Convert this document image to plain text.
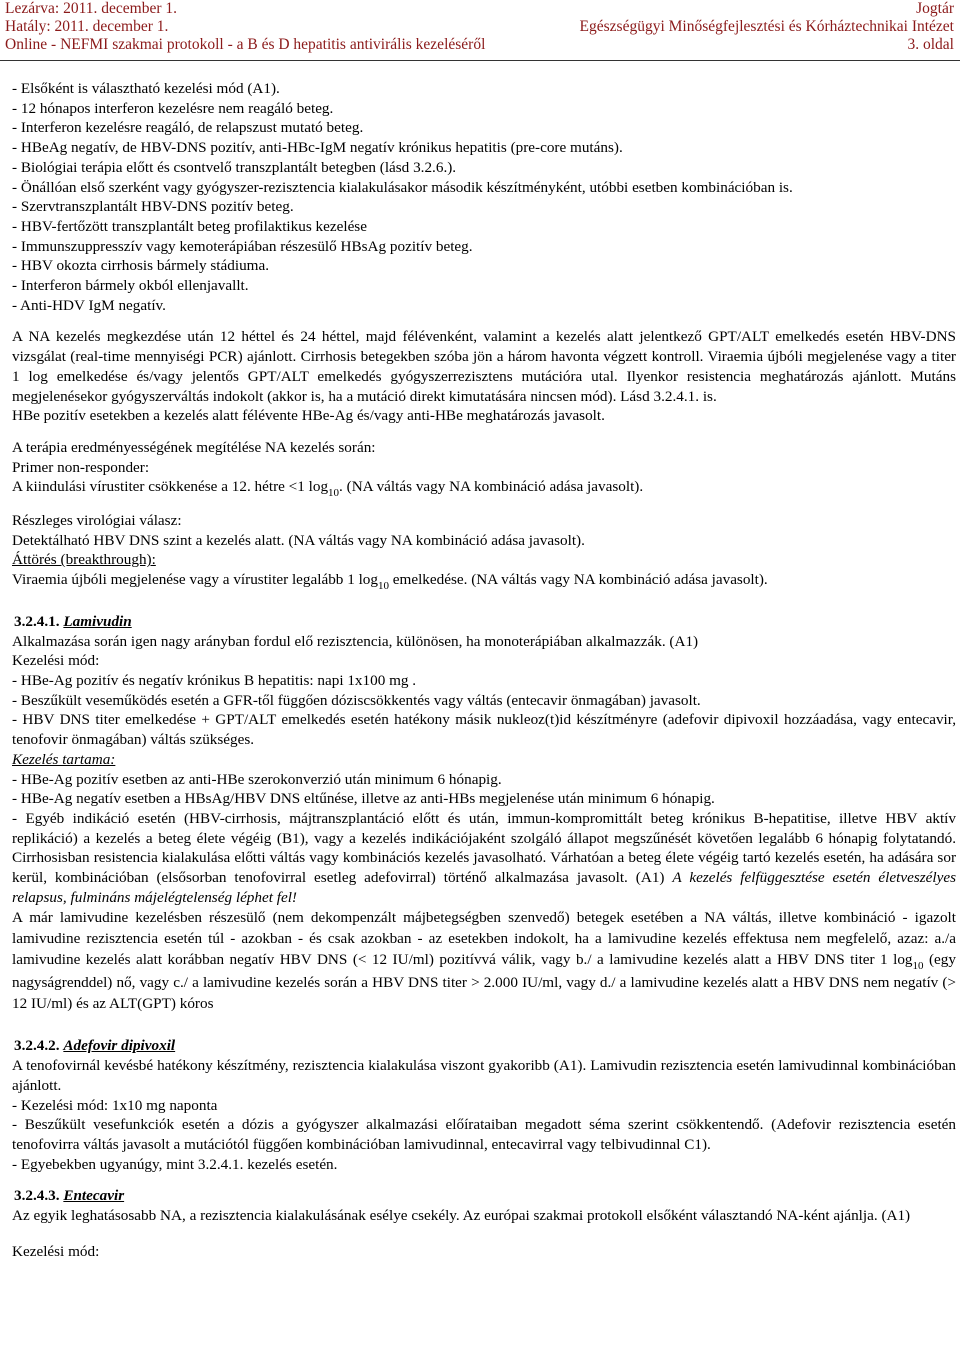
Lezárva: 2011. december 1.	Jogtár
Hatály: 2011. december 1.	Egészségügyi Minőségfejlesztési és Kórháztechnikai Intézet
Online - NEFMI szakmai protokoll - a B és D hepatitis antivirális kezeléséről	3. oldal

- Elsőként is választható kezelési mód (A1).

- 12 hónapos interferon kezelésre nem reagáló beteg.

- Interferon kezelésre reagáló, de relapszust mutató beteg.

- HBeAg negatív, de HBV-DNS pozitív, anti-HBc-IgM negatív krónikus hepatitis (pre-core mutáns).

- Biológiai terápia előtt és csontvelő transzplantált betegben (lásd 3.2.6.).

- Önállóan első szerként vagy gyógyszer-rezisztencia kialakulásakor második készítményként, utóbbi esetben kombinációban is.

- Szervtranszplantált HBV-DNS pozitív beteg.

- HBV-fertőzött transzplantált beteg profilaktikus kezelése

- Immunszuppresszív vagy kemoterápiában részesülő HBsAg pozitív beteg.

- HBV okozta cirrhosis bármely stádiuma.

- Interferon bármely okból ellenjavallt.

- Anti-HDV IgM negatív.

A NA kezelés megkezdése után 12 héttel és 24 héttel, majd félévenként, valamint a kezelés alatt jelentkező GPT/ALT emelkedés esetén HBV-DNS vizsgálat (real-time mennyiségi PCR) ajánlott. Cirrhosis betegekben szóba jön a három havonta végzett kontroll. Viraemia újbóli megjelenése vagy a titer 1 log emelkedése és/vagy jelentős GPT/ALT emelkedés gyógyszerrezisztens mutációra utal. Ilyenkor resistencia meghatározás ajánlott. Mutáns megjelenésekor gyógyszerváltás indokolt (akkor is, ha a mutáció direkt kimutatására nincsen mód). Lásd 3.2.4.1. is.

HBe pozitív esetekben a kezelés alatt félévente HBe-Ag és/vagy anti-HBe meghatározás javasolt.

A terápia eredményességének megítélése NA kezelés során:

Primer non-responder:

A kiindulási vírustiter csökkenése a 12. hétre <1 $\log_{10}$. (NA váltás vagy NA kombináció adása javasolt).

Részleges virológiai válasz:

Detektálható HBV DNS szint a kezelés alatt. (NA váltás vagy NA kombináció adása javasolt).

Áttörés (breakthrough):

Viraemia újbóli megjelenése vagy a vírustiter legalább 1 $\log_{10}$ emelkedése. (NA váltás vagy NA kombináció adása javasolt).

3.2.4.1. Lamivudin

Alkalmazása során igen nagy arányban fordul elő rezisztencia, különösen, ha monoterápiában alkalmazzák. (A1)

Kezelési mód:

- HBe-Ag pozitív és negatív krónikus B hepatitis: napi 1x100 mg .

- Beszűkült veseműködés esetén a GFR-től függően dóziscsökkentés vagy váltás (entecavir önmagában) javasolt.

- HBV DNS titer emelkedése + GPT/ALT emelkedés esetén hatékony másik nukleoz(t)id készítményre (adefovir dipivoxil hozzáadása, vagy entecavir, tenofovir önmagában) váltás szükséges.

Kezelés tartama:

- HBe-Ag pozitív esetben az anti-HBe szerokonverzió után minimum 6 hónapig.

- HBe-Ag negatív esetben a HBsAg/HBV DNS eltűnése, illetve az anti-HBs megjelenése után minimum 6 hónapig.

- Egyéb indikáció esetén (HBV-cirrhosis, májtranszplantáció előtt és után, immun-kompromittált beteg krónikus B-hepatitise, illetve HBV aktív replikáció) a kezelés a beteg élete végéig (B1), vagy a kezelés indikációjaként szolgáló állapot megszűnését követően legalább 6 hónapig folytatandó. Cirrhosisban resistencia kialakulása előtti váltás vagy kombinációs kezelés javasolható. Várhatóan a beteg élete végéig tartó kezelés esetén, ha adására sor kerül, kombinációban (elsősorban tenofovirral esetleg adefovirral) történő alkalmazása javasolt. (A1) A kezelés felfüggesztése esetén életveszélyes relapsus, fulmináns májelégtelenség léphet fel!

A már lamivudine kezelésben részesülő (nem dekompenzált májbetegségben szenvedő) betegek esetében a NA váltás, illetve kombináció - igazolt lamivudine rezisztencia esetén túl - azokban - és csak azokban - az esetekben indokolt, ha a lamivudine kezelés effektusa nem megfelelő, azaz: a./a lamivudine kezelés alatt korábban negatív HBV DNS (< 12 IU/ml) pozitívvá válik, vagy b./ a lamivudine kezelés alatt a HBV DNS titer 1 $\log_{10} (egy$ nagyságrenddel) nő, vagy c./ a lamivudine kezelés során a HBV DNS titer > 2.000 IU/ml, vagy d./ a lamivudine kezelés alatt a HBV DNS nem negatív (> 12 IU/ml) és az ALT(GPT) kóros

3.2.4.2. Adefovir dipivoxil

A tenofovirnál kevésbé hatékony készítmény, rezisztencia kialakulása viszont gyakoribb (A1). Lamivudin rezisztencia esetén lamivudinnal kombinációban ajánlott.

- Kezelési mód: 1x10 mg naponta

- Beszűkült vesefunkciók esetén a dózis a gyógyszer alkalmazási előírataiban megadott séma szerint csökkentendő. (Adefovir rezisztencia esetén tenofovirra váltás javasolt a mutációtól függően kombinációban lamivudinnal, entecavirral vagy telbivudinnal C1).

- Egyebekben ugyanúgy, mint 3.2.4.1. kezelés esetén.

3.2.4.3. Entecavir

Az egyik leghatásosabb NA, a rezisztencia kialakulásának esélye csekély. Az európai szakmai protokoll elsőként választandó NA-ként ajánlja. (A1)

Kezelési mód:
